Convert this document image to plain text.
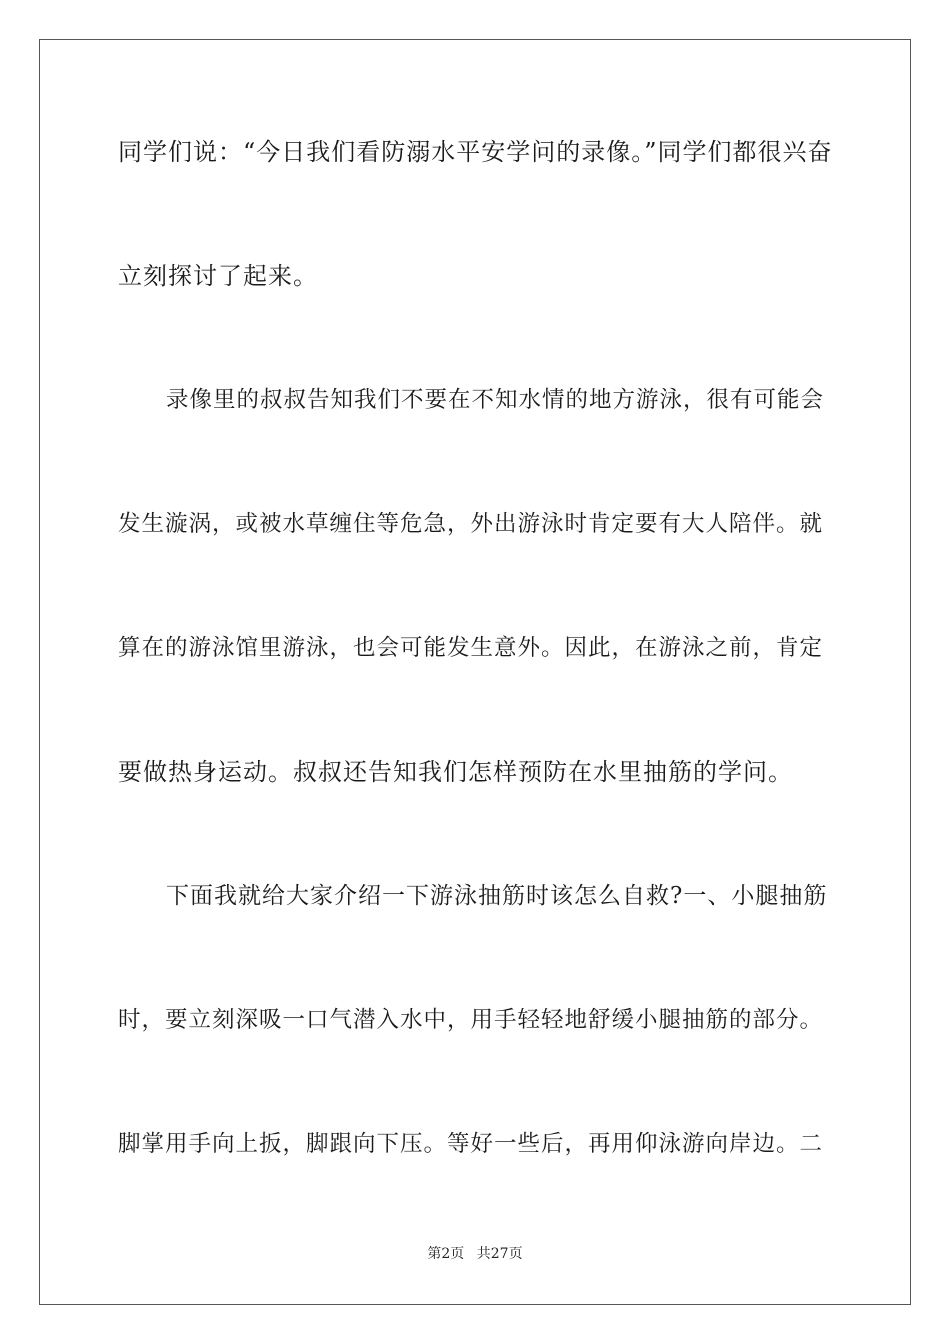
同学们说：“今日我们看防溺水平安学问的录像。”同学们都很兴奋
立刻探讨了起来。
录像里的叔叔告知我们不要在不知水情的地方游泳，很有可能会
发生漩涡，或被水草缠住等危急，外出游泳时肯定要有大人陪伴。就
算在的游泳馆里游泳，也会可能发生意外。因此，在游泳之前，肯定
要做热身运动。叔叔还告知我们怎样预防在水里抽筋的学问。
下面我就给大家介绍一下游泳抽筋时该怎么自救?一、小腿抽筋
时，要立刻深吸一口气潜入水中，用手轻轻地舒缓小腿抽筋的部分。
脚掌用手向上扳，脚跟向下压。等好一些后，再用仰泳游向岸边。二
第2页 共27页
